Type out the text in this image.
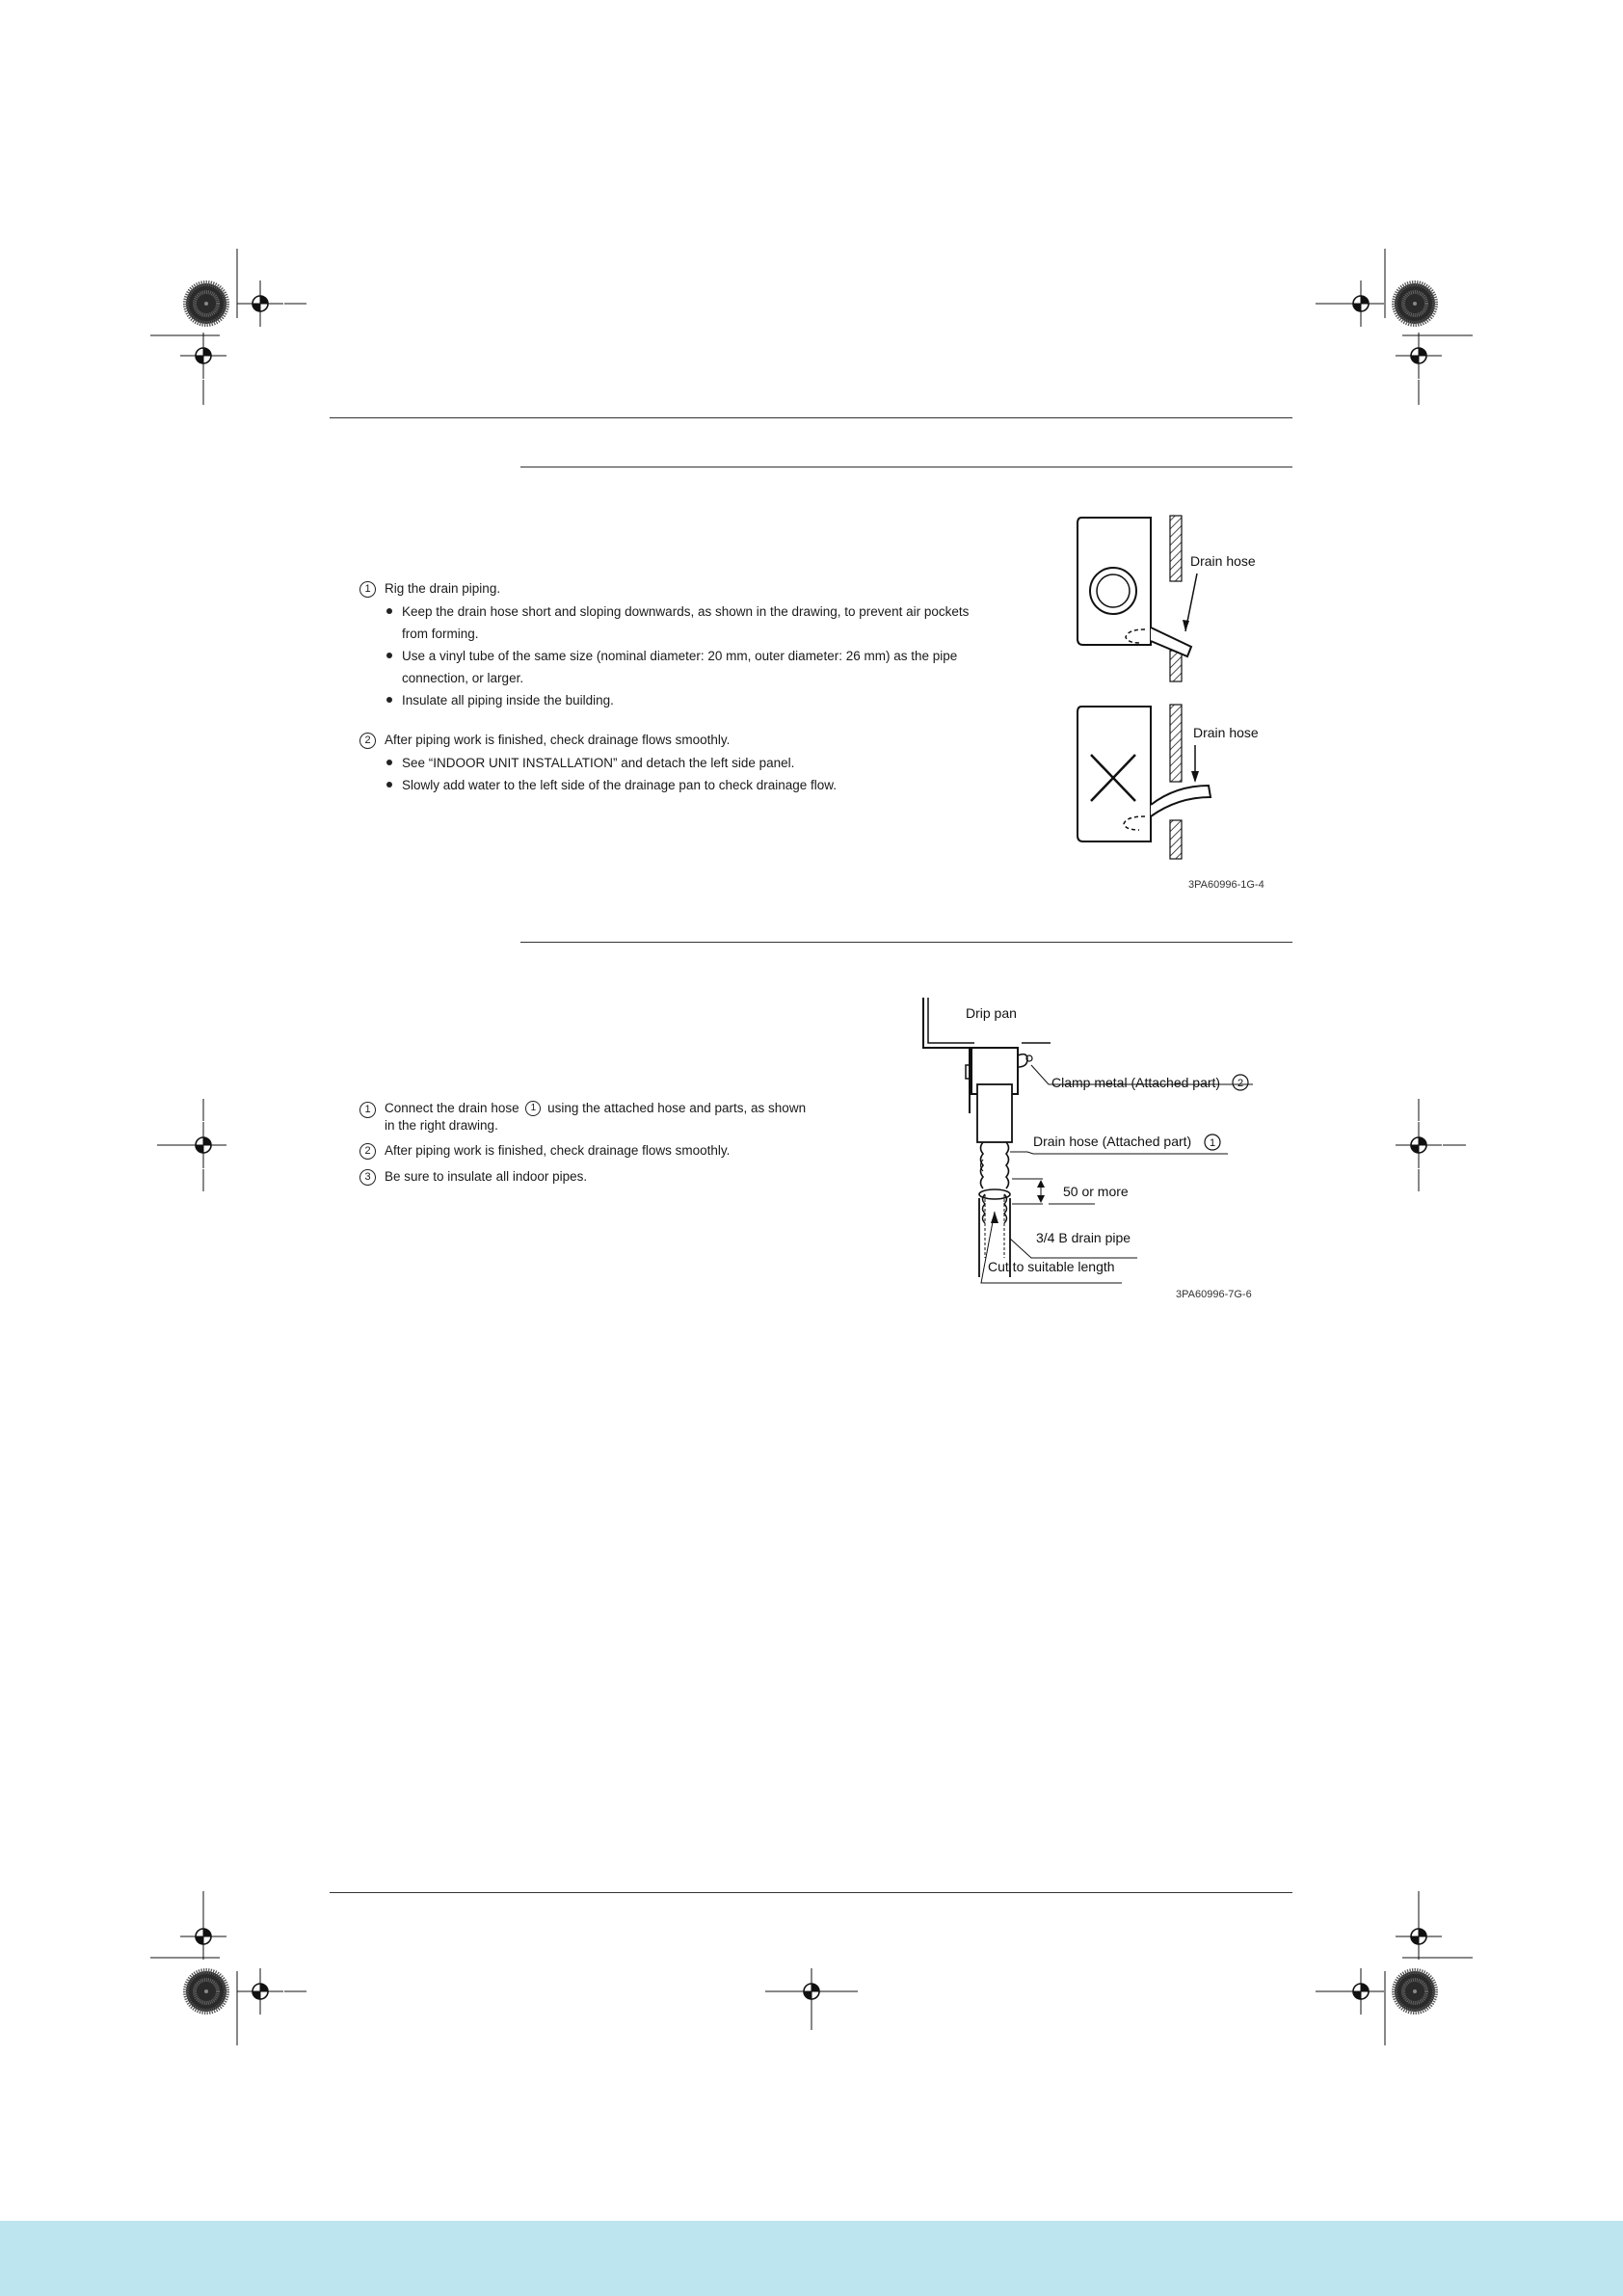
1 Rig the drain piping.
Keep the drain hose short and sloping downwards, as shown in the drawing, to prevent air pockets from forming.
Use a vinyl tube of the same size (nominal diameter: 20 mm, outer diameter: 26 mm) as the pipe connection, or larger.
Insulate all piping inside the building.
2 After piping work is finished, check drainage flows smoothly.
See “INDOOR UNIT INSTALLATION” and detach the left side panel.
Slowly add water to the left side of the drainage pan to check drainage flow.
Drain hose
Drain hose
3PA60996-1G-4
1	Connect the drain hose 1 using the attached hose and parts, as shown in the right drawing.
2 After piping work is finished, check drainage flows smoothly.
3 Be sure to insulate all indoor pipes.
Drip pan
Clamp metal (Attached part) 2
Drain hose (Attached part) 1
50 or more
3/4 B drain pipe
Cut to suitable length
3PA60996-7G-6
